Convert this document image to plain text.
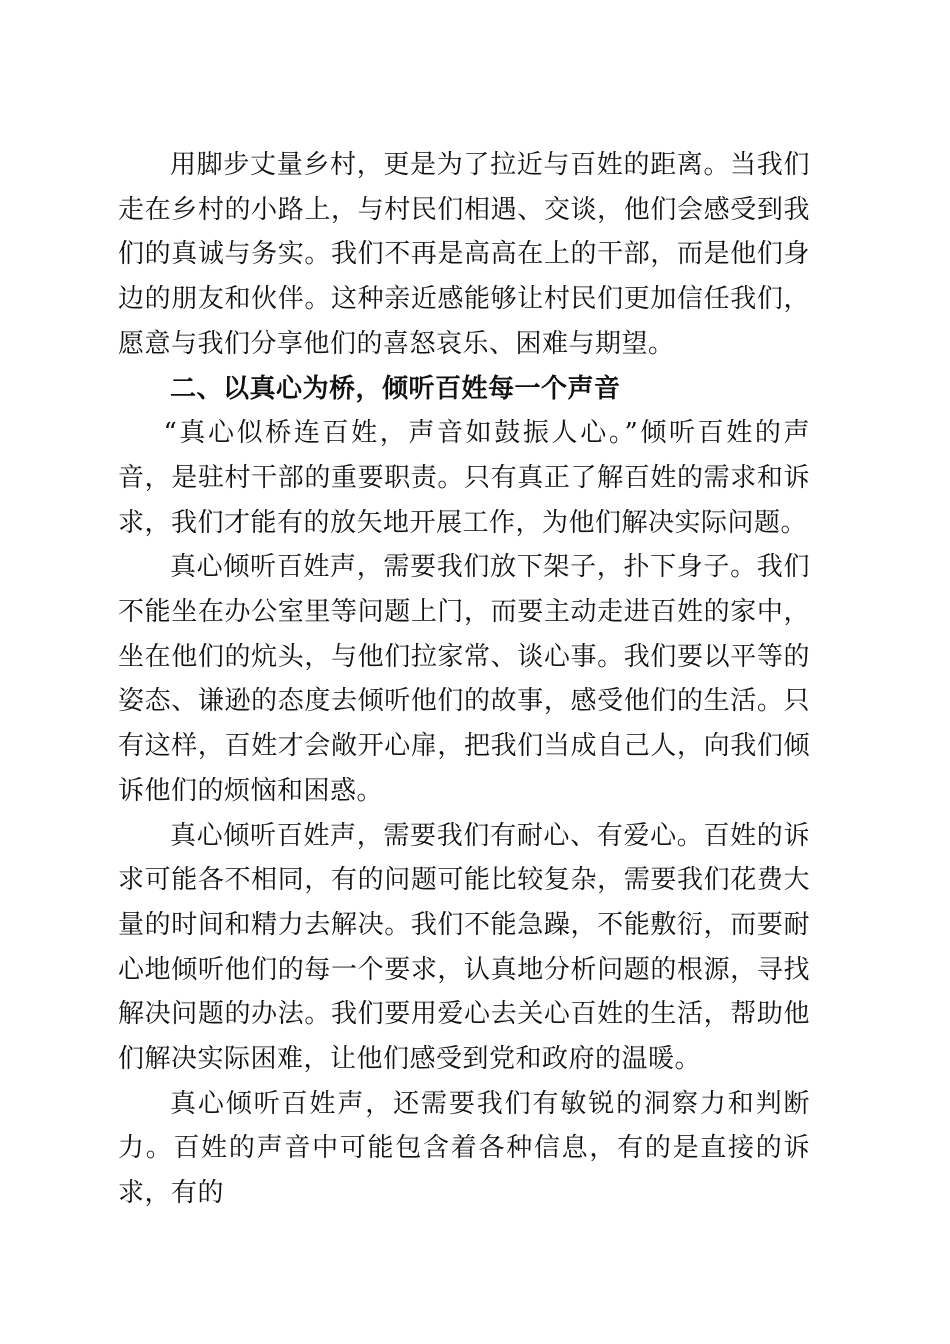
用脚步丈量乡村，更是为了拉近与百姓的距离。当我们走在乡村的小路上，与村民们相遇、交谈，他们会感受到我们的真诚与务实。我们不再是高高在上的干部，而是他们身边的朋友和伙伴。这种亲近感能够让村民们更加信任我们，愿意与我们分享他们的喜怒哀乐、困难与期望。

二、以真心为桥，倾听百姓每一个声音

“真心似桥连百姓，声音如鼓振人心。”倾听百姓的声音，是驻村干部的重要职责。只有真正了解百姓的需求和诉求，我们才能有的放矢地开展工作，为他们解决实际问题。

真心倾听百姓声，需要我们放下架子，扑下身子。我们不能坐在办公室里等问题上门，而要主动走进百姓的家中，坐在他们的炕头，与他们拉家常、谈心事。我们要以平等的姿态、谦逊的态度去倾听他们的故事，感受他们的生活。只有这样，百姓才会敞开心扉，把我们当成自己人，向我们倾诉他们的烦恼和困惑。

真心倾听百姓声，需要我们有耐心、有爱心。百姓的诉求可能各不相同，有的问题可能比较复杂，需要我们花费大量的时间和精力去解决。我们不能急躁，不能敷衍，而要耐心地倾听他们的每一个要求，认真地分析问题的根源，寻找解决问题的办法。我们要用爱心去关心百姓的生活，帮助他们解决实际困难，让他们感受到党和政府的温暖。

真心倾听百姓声，还需要我们有敏锐的洞察力和判断力。百姓的声音中可能包含着各种信息，有的是直接的诉求，有的
